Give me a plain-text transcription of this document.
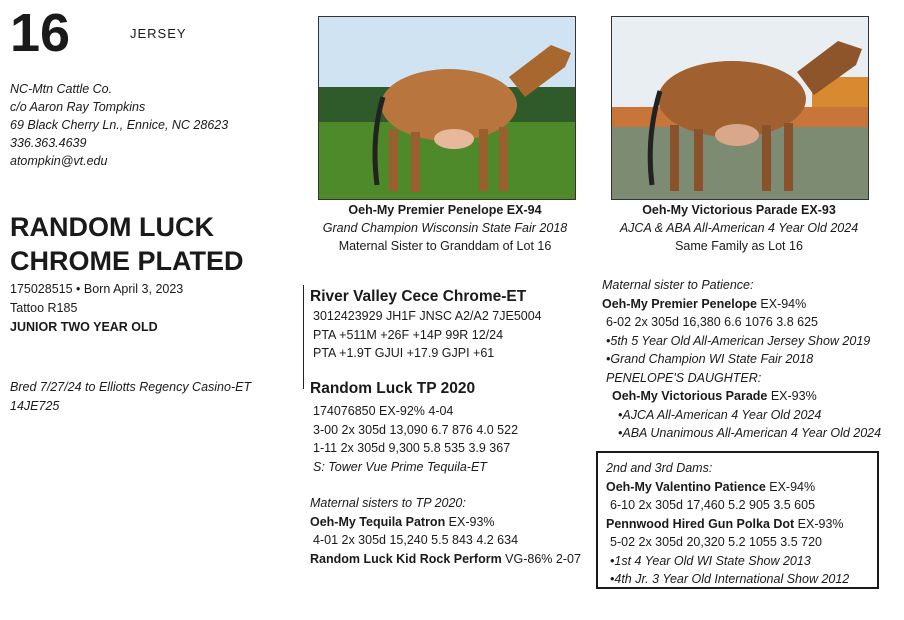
16	JERSEY
NC-Mtn Cattle Co.
c/o Aaron Ray Tompkins
69 Black Cherry Ln., Ennice, NC 28623
336.363.4639
atompkin@vt.edu
RANDOM LUCK
CHROME PLATED
175028515 • Born April 3, 2023
Tattoo R185
JUNIOR TWO YEAR OLD
Bred 7/27/24 to Elliotts Regency Casino-ET
14JE725
Oeh-My Premier Penelope EX-94
Grand Champion Wisconsin State Fair 2018
Maternal Sister to Granddam of Lot 16
Oeh-My Victorious Parade EX-93
AJCA & ABA All-American 4 Year Old 2024
Same Family as Lot 16
River Valley Cece Chrome-ET
3012423929 JH1F JNSC A2/A2 7JE5004
PTA +511M +26F +14P 99R 12/24
PTA +1.9T GJUI +17.9 GJPI +61
Random Luck TP 2020
174076850 EX-92% 4-04
3-00 2x 305d 13,090 6.7 876 4.0 522
1-11 2x 305d 9,300 5.8 535 3.9 367
S: Tower Vue Prime Tequila-ET
Maternal sisters to TP 2020:
Oeh-My Tequila Patron EX-93%
4-01 2x 305d 15,240 5.5 843 4.2 634
Random Luck Kid Rock Perform VG-86% 2-07
Maternal sister to Patience:
Oeh-My Premier Penelope EX-94%
6-02 2x 305d 16,380 6.6 1076 3.8 625
•5th 5 Year Old All-American Jersey Show 2019
•Grand Champion WI State Fair 2018
PENELOPE'S DAUGHTER:
Oeh-My Victorious Parade EX-93%
•AJCA All-American 4 Year Old 2024
•ABA Unanimous All-American 4 Year Old 2024
2nd and 3rd Dams:
Oeh-My Valentino Patience EX-94%
6-10 2x 305d 17,460 5.2 905 3.5 605
Pennwood Hired Gun Polka Dot EX-93%
5-02 2x 305d 20,320 5.2 1055 3.5 720
•1st 4 Year Old WI State Show 2013
•4th Jr. 3 Year Old International Show 2012
